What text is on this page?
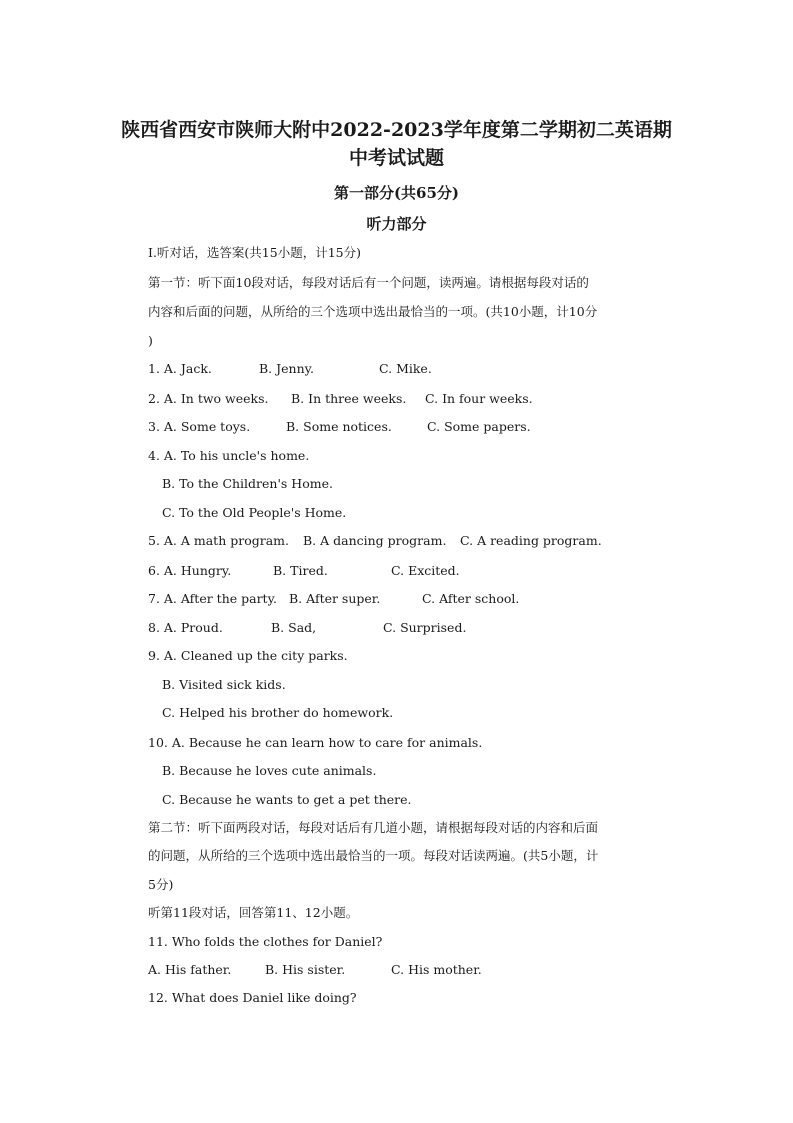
陕西省西安市陕师大附中2022-2023学年度第二学期初二英语期
中考试试题
第一部分(共65分)
听力部分
I.听对话，选答案(共15小题，计15分)
第一节：听下面10段对话，每段对话后有一个问题，读两遍。请根据每段对话的
内容和后面的问题，从所给的三个选项中选出最恰当的一项。(共10小题，计10分
)
1. A. Jack.	B. Jenny.	C. Mike.
2. A. In two weeks. B. In three weeks. C. In four weeks.
3. A. Some toys.	B. Some notices.	C. Some papers.
4. A. To his uncle's home.
B. To the Children's Home.
C. To the Old People's Home.
5. A. A math program. B. A dancing program. C. A reading program.
6. A. Hungry.	B. Tired.	C. Excited.
7. A. After the party. B. After super.	C. After school.
8. A. Proud.	B. Sad,	C. Surprised.
9. A. Cleaned up the city parks.
B. Visited sick kids.
C. Helped his brother do homework.
10. A. Because he can learn how to care for animals.
B. Because he loves cute animals.
C. Because he wants to get a pet there.
第二节：听下面两段对话，每段对话后有几道小题，请根据每段对话的内容和后面
的问题，从所给的三个选项中选出最恰当的一项。每段对话读两遍。(共5小题，计
5分)
听第11段对话，回答第11、12小题。
11. Who folds the clothes for Daniel?
A. His father.	B. His sister.	C. His mother.
12. What does Daniel like doing?
